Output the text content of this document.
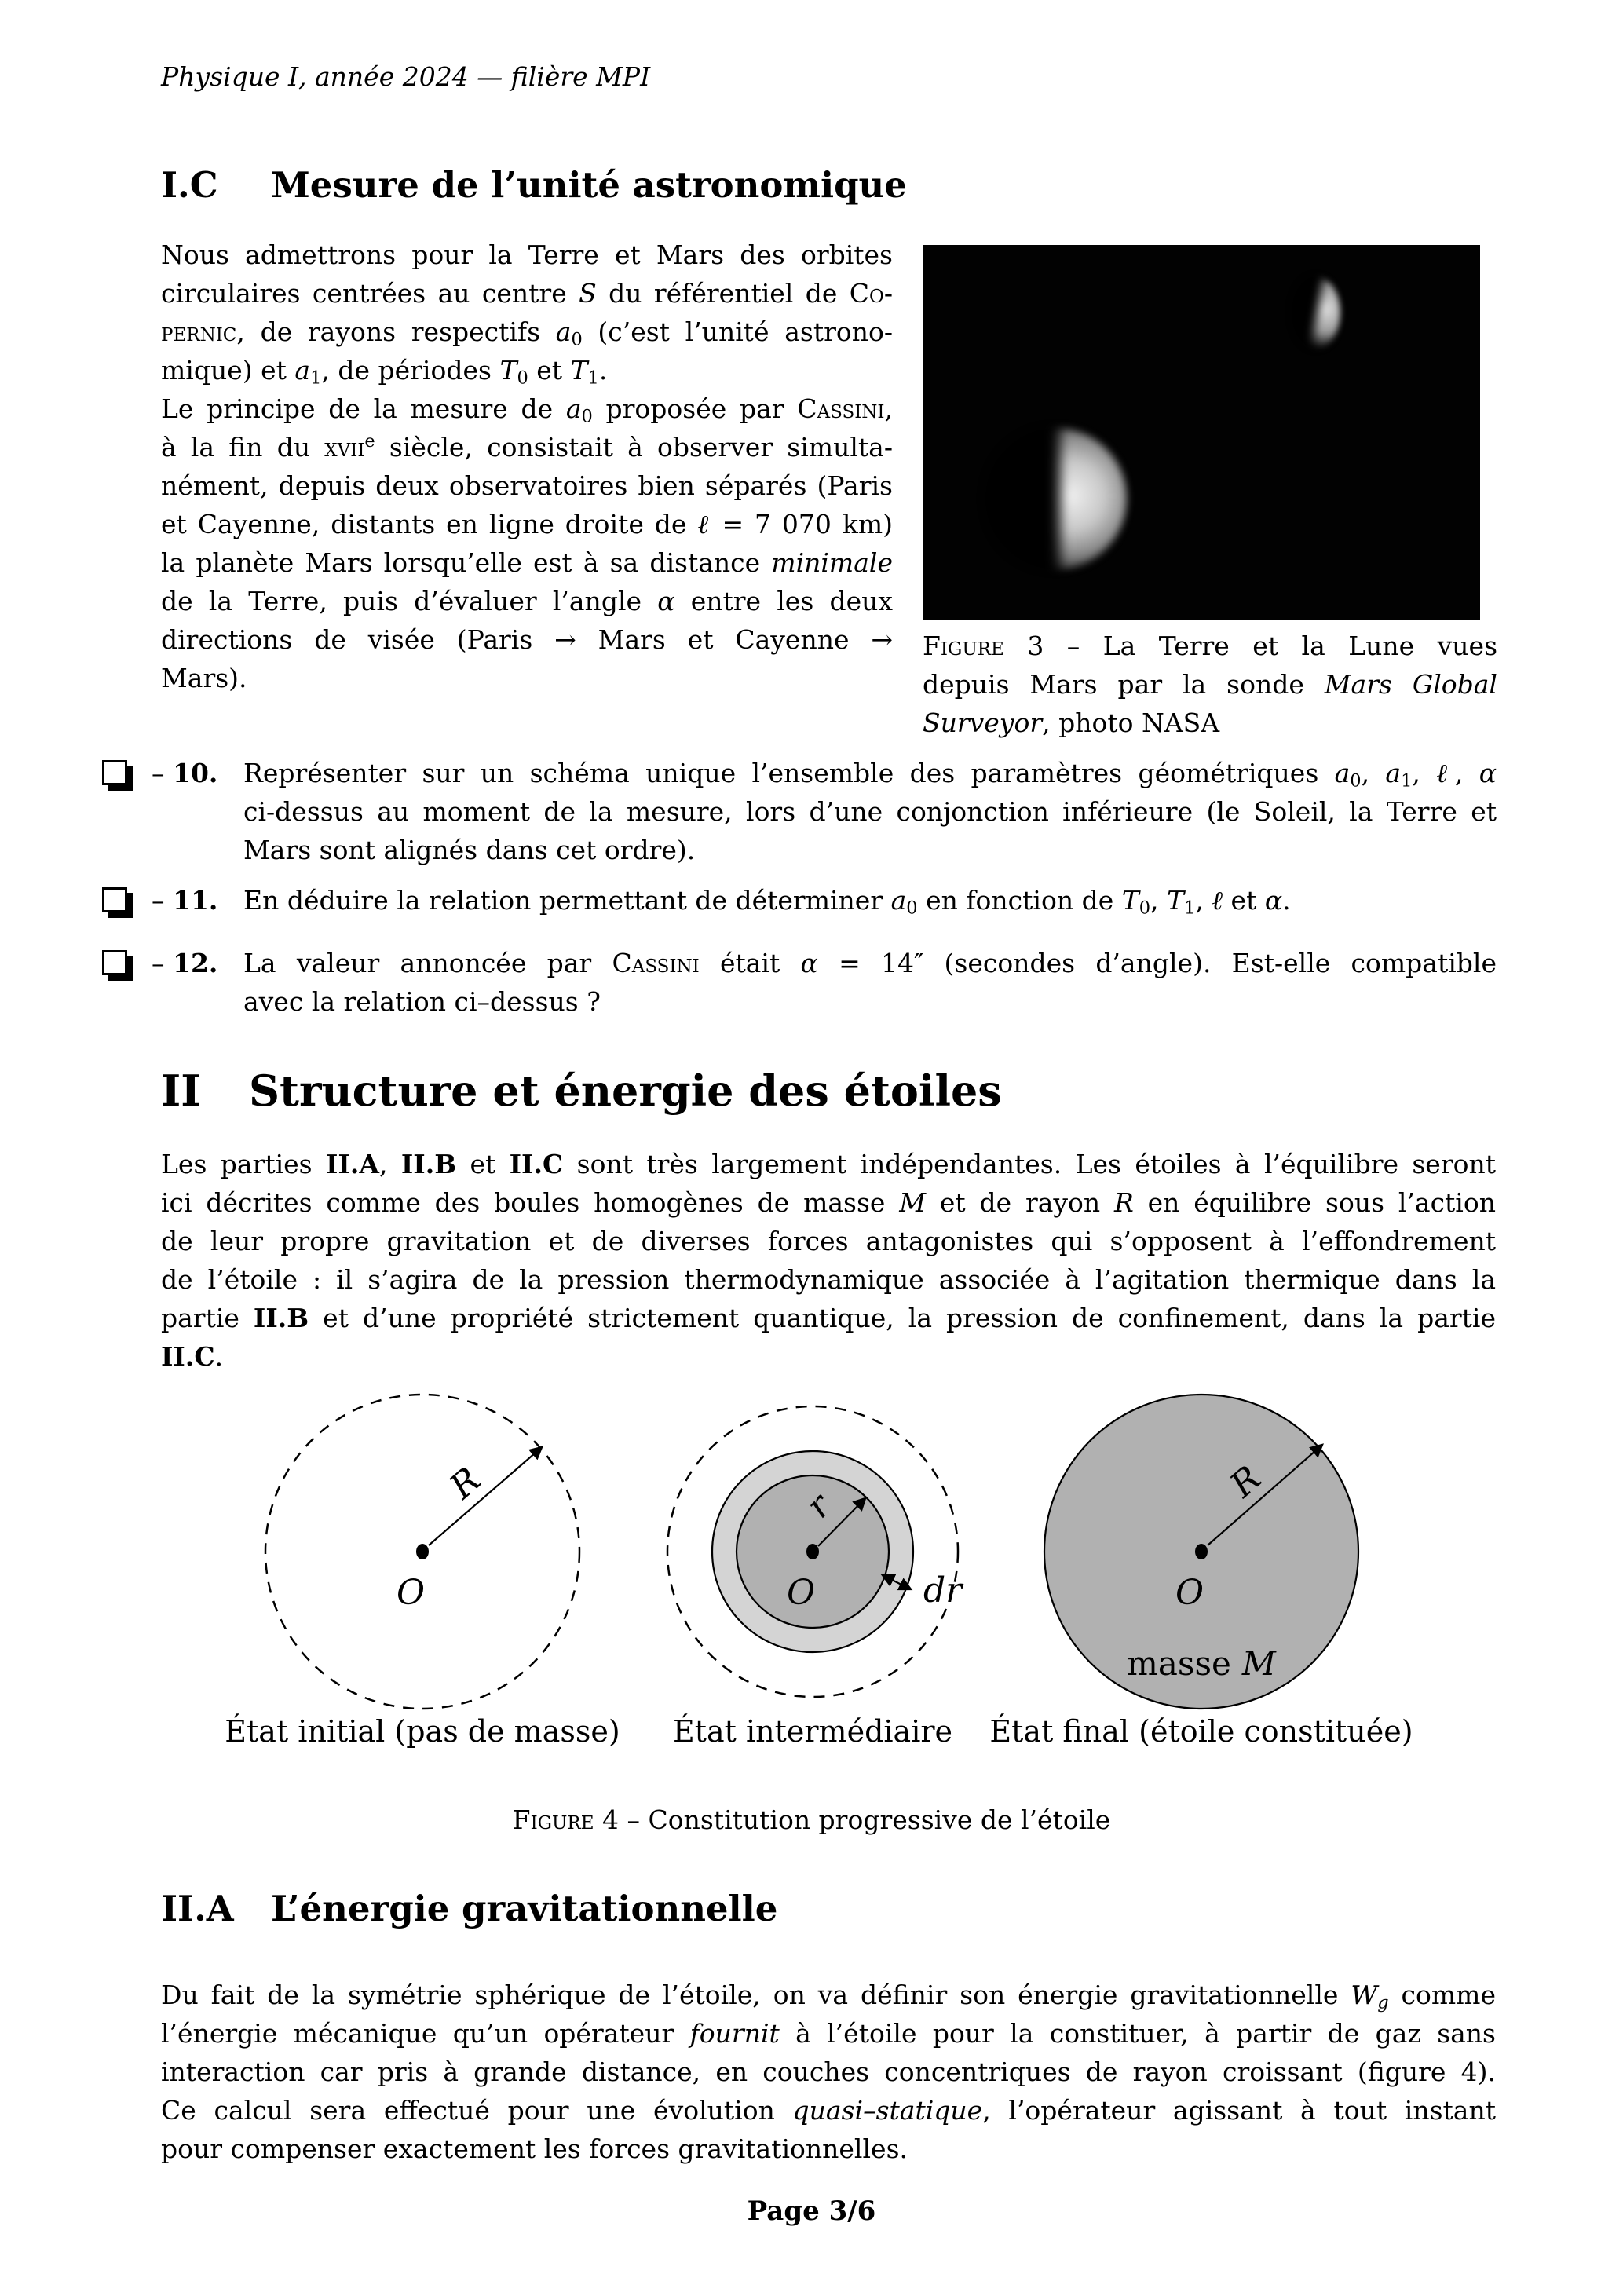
Physique I, année 2024 — filière MPI
I.C Mesure de l’unité astronomique
Nous admettrons pour la Terre et Mars des orbites
circulaires centrées au centre S du référentiel de Co-
pernic, de rayons respectifs a0 (c’est l’unité astrono-
mique) et a1, de périodes T0 et T1.
Le principe de la mesure de a0 proposée par Cassini,
à la fin du xvii$^e$ siècle, consistait à observer simulta-
nément, depuis deux observatoires bien séparés (Paris
et Cayenne, distants en ligne droite de ℓ = 7 070 km)
la planète Mars lorsqu’elle est à sa distance minimale
de la Terre, puis d’évaluer l’angle α entre les deux
directions de visée (Paris → Mars et Cayenne →
Mars).
Figure 3 – La Terre et la Lune vues
depuis Mars par la sonde Mars Global
Surveyor, photo NASA
– 10. Représenter sur un schéma unique l’ensemble des paramètres géométriques a0, a1, ℓ, α
ci-dessus au moment de la mesure, lors d’une conjonction inférieure (le Soleil, la Terre et
Mars sont alignés dans cet ordre).
– 11. En déduire la relation permettant de déterminer a0 en fonction de T0, T1, ℓ et α.
– 12. La valeur annoncée par Cassini était α = 14″ (secondes d’angle). Est-elle compatible
avec la relation ci–dessus ?
II Structure et énergie des étoiles
Les parties II.A, II.B et II.C sont très largement indépendantes. Les étoiles à l’équilibre seront
ici décrites comme des boules homogènes de masse M et de rayon R en équilibre sous l’action
de leur propre gravitation et de diverses forces antagonistes qui s’opposent à l’effondrement
de l’étoile : il s’agira de la pression thermodynamique associée à l’agitation thermique dans la
partie II.B et d’une propriété strictement quantique, la pression de confinement, dans la partie
II.C.
R
O
État initial (pas de masse)
r
O	dr
État intermédiaire
R
O
masse M
État final (étoile constituée)
Figure 4 – Constitution progressive de l’étoile
II.A L’énergie gravitationnelle
Du fait de la symétrie sphérique de l’étoile, on va définir son énergie gravitationnelle Wg comme
l’énergie mécanique qu’un opérateur fournit à l’étoile pour la constituer, à partir de gaz sans
interaction car pris à grande distance, en couches concentriques de rayon croissant (figure 4).
Ce calcul sera effectué pour une évolution quasi–statique, l’opérateur agissant à tout instant
pour compenser exactement les forces gravitationnelles.
Page 3/6
